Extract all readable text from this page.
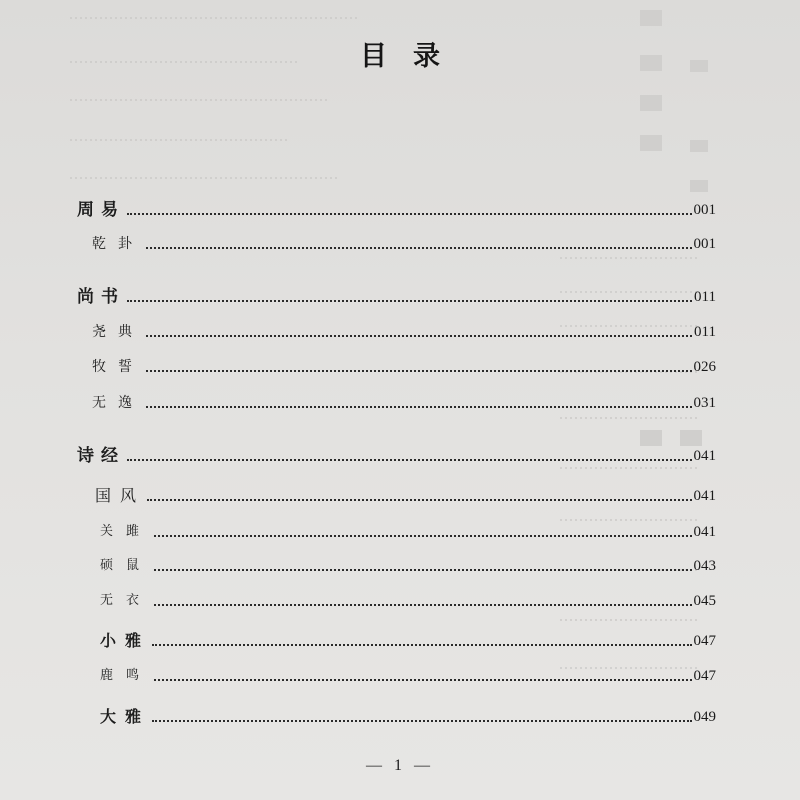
目录
周易	001
乾卦	001
尚书	011
尧典	011
牧誓	026
无逸	031
诗经	041
国风	041
关雎	041
硕鼠	043
无衣	045
小雅	047
鹿鸣	047
大雅	049
— 1 —
